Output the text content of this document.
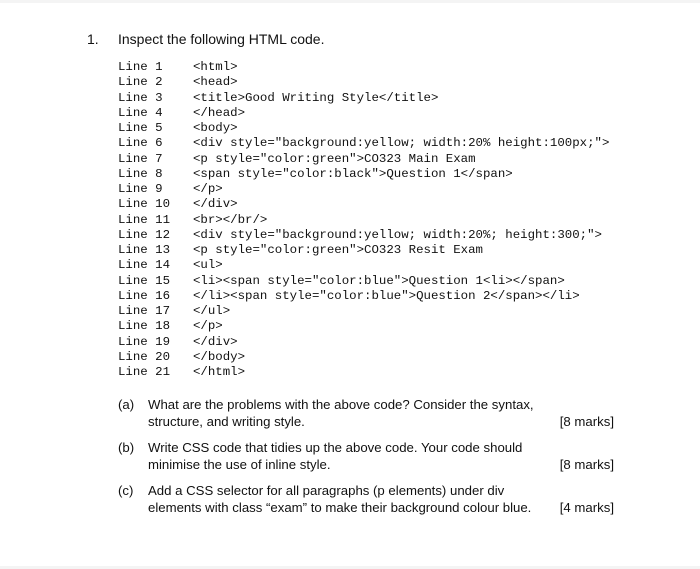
1. Inspect the following HTML code.
Line 1	<html>
Line 2	<head>
Line 3	<title>Good Writing Style</title>
Line 4	</head>
Line 5	<body>
Line 6	<div style="background:yellow; width:20% height:100px;">
Line 7	<p style="color:green">CO323 Main Exam
Line 8	<span style="color:black">Question 1</span>
Line 9	</p>
Line 10	</div>
Line 11	<br></br/>
Line 12	<div style="background:yellow; width:20%; height:300;">
Line 13	<p style="color:green">CO323 Resit Exam
Line 14	<ul>
Line 15	<li><span style="color:blue">Question 1<li></span>
Line 16	</li><span style="color:blue">Question 2</span></li>
Line 17	</ul>
Line 18	</p>
Line 19	</div>
Line 20	</body>
Line 21	</html>
(a)	What are the problems with the above code? Consider the syntax, structure, and writing style.	[8 marks]
(b)	Write CSS code that tidies up the above code. Your code should minimise the use of inline style.	[8 marks]
(c)	Add a CSS selector for all paragraphs (p elements) under div elements with class “exam” to make their background colour blue.	[4 marks]
